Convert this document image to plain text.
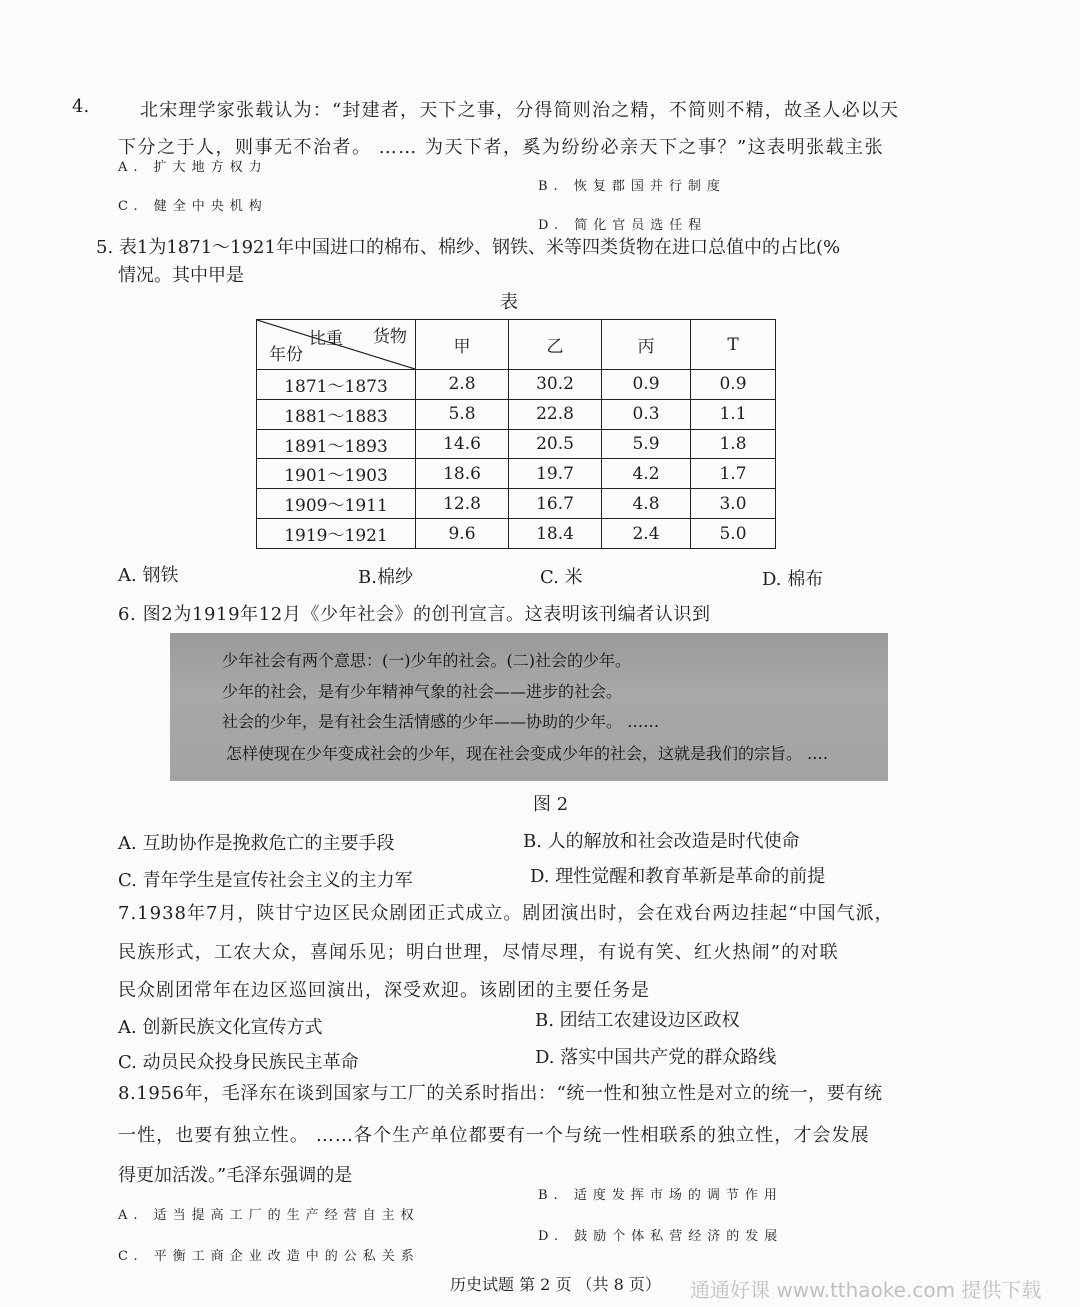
4.	北宋理学家张载认为：“封建者，天下之事，分得简则治之精，不简则不精，故圣人必以天
下分之于人，则事无不治者。 …… 为天下者，奚为纷纷必亲天下之事？”这表明张载主张
A. 扩大地方权力
B. 恢复郡国并行制度
C. 健全中央机构
D. 简化官员选任程
5. 表1为1871～1921年中国进口的棉布、棉纱、钢铁、米等四类货物在进口总值中的占比(%
情况。其中甲是
表
比重 货物
年份	甲	乙	丙	T
1871～1873	2.8	30.2	0.9	0.9
1881～1883	5.8	22.8	0.3	1.1
1891～1893	14.6	20.5	5.9	1.8
1901～1903	18.6	19.7	4.2	1.7
1909～1911	12.8	16.7	4.8	3.0
1919～1921	9.6	18.4	2.4	5.0
A. 钢铁	B.棉纱	C. 米	D. 棉布
6. 图2为1919年12月《少年社会》的创刊宣言。这表明该刊编者认识到
少年社会有两个意思：(一)少年的社会。(二)社会的少年。
少年的社会，是有少年精神气象的社会——进步的社会。
社会的少年，是有社会生活情感的少年——协助的少年。 ……
怎样使现在少年变成社会的少年，现在社会变成少年的社会，这就是我们的宗旨。 .…
图 2
A. 互助协作是挽救危亡的主要手段	B. 人的解放和社会改造是时代使命
C. 青年学生是宣传社会主义的主力军	D. 理性觉醒和教育革新是革命的前提
7.1938年7月，陕甘宁边区民众剧团正式成立。剧团演出时，会在戏台两边挂起“中国气派，
民族形式，工农大众，喜闻乐见；明白世理，尽情尽理，有说有笑、红火热闹”的对联
民众剧团常年在边区巡回演出，深受欢迎。该剧团的主要任务是
A. 创新民族文化宣传方式	B. 团结工农建设边区政权
C. 动员民众投身民族民主革命	D. 落实中国共产党的群众路线
8.1956年，毛泽东在谈到国家与工厂的关系时指出：“统一性和独立性是对立的统一，要有统
一性，也要有独立性。 ……各个生产单位都要有一个与统一性相联系的独立性，才会发展
得更加活泼。”毛泽东强调的是
B. 适度发挥市场的调节作用
A. 适当提高工厂的生产经营自主权
D. 鼓励个体私营经济的发展
C. 平衡工商企业改造中的公私关系
历史试题 第 2 页 （共 8 页） 通通好课 www.tthaoke.com 提供下载
